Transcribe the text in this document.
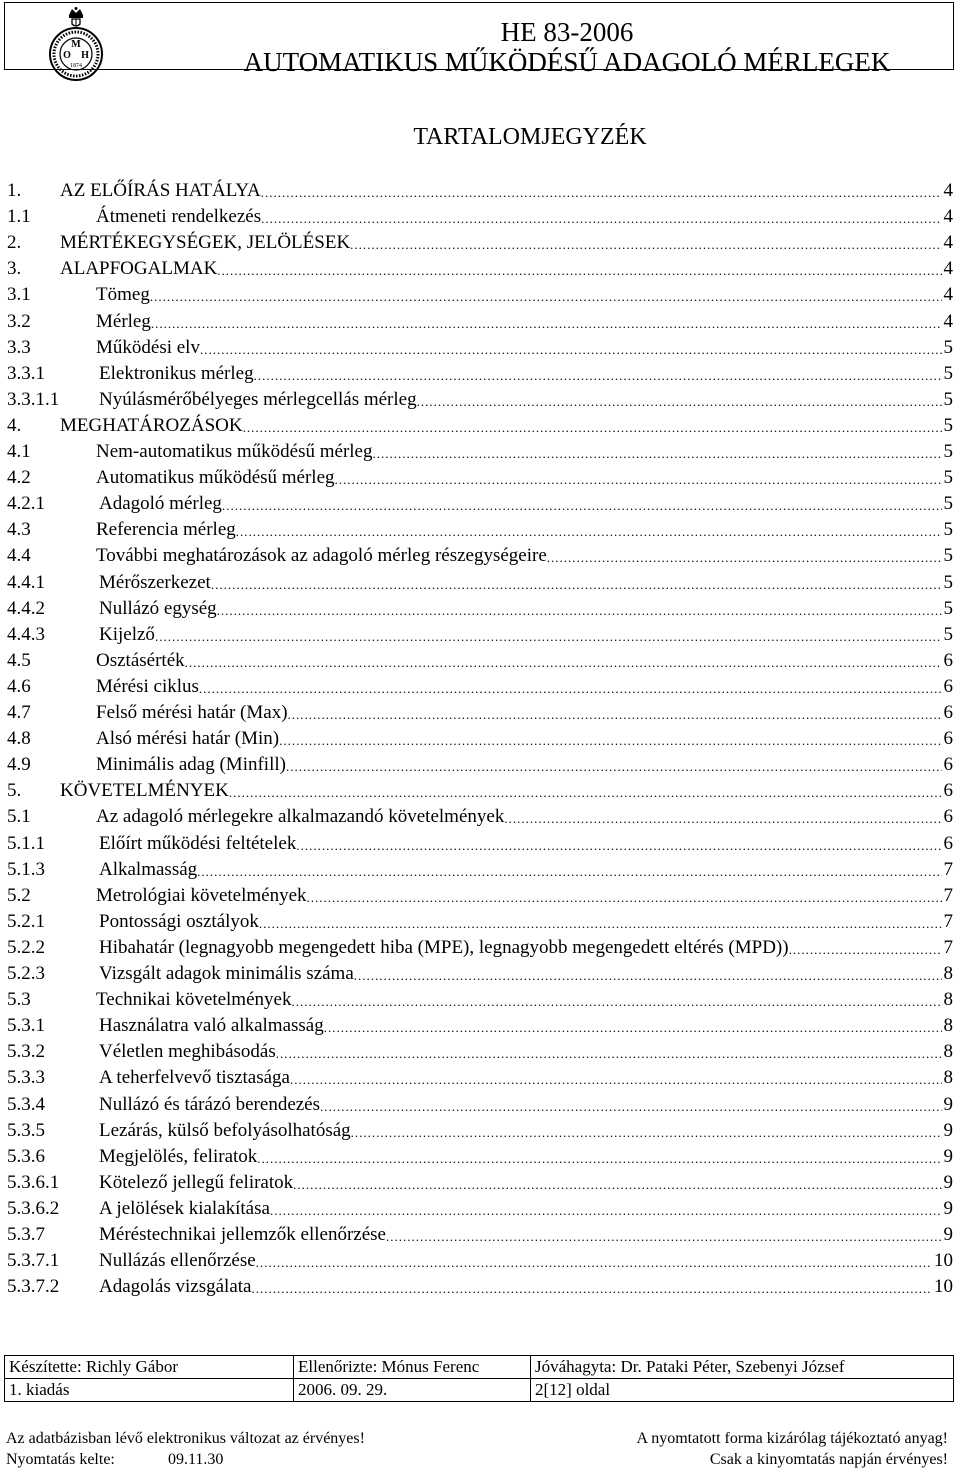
M
O H
1874
HE 83-2006
AUTOMATIKUS MŰKÖDÉSŰ ADAGOLÓ MÉRLEGEK
TARTALOMJEGYZÉK
1. AZ ELŐÍRÁS HATÁLYA .....	4
1.1	Átmeneti rendelkezés .....	4
2. MÉRTÉKEGYSÉGEK, JELÖLÉSEK .....	4
3. ALAPFOGALMAK .....	4
3.1	Tömeg .....	4
3.2	Mérleg .....	4
3.3	Működési elv .....	5
3.3.1	Elektronikus mérleg .....	5
3.3.1.1 Nyúlásmérőbélyeges mérlegcellás mérleg .....	5
4. MEGHATÁROZÁSOK .....	5
4.1	Nem-automatikus működésű mérleg .....	5
4.2	Automatikus működésű mérleg .....	5
4.2.1	Adagoló mérleg .....	5
4.3	Referencia mérleg .....	5
4.4	További meghatározások az adagoló mérleg részegységeire .....	5
4.4.1	Mérőszerkezet .....	5
4.4.2	Nullázó egység .....	5
4.4.3	Kijelző .....	5
4.5	Osztásérték .....	6
4.6	Mérési ciklus .....	6
4.7	Felső mérési határ (Max) .....	6
4.8	Alsó mérési határ (Min) .....	6
4.9	Minimális adag (Minfill) .....	6
5. KÖVETELMÉNYEK .....	6
5.1	Az adagoló mérlegekre alkalmazandó követelmények .....	6
5.1.1	Előírt működési feltételek .....	6
5.1.3	Alkalmasság .....	7
5.2	Metrológiai követelmények .....	7
5.2.1	Pontossági osztályok .....	7
5.2.2	Hibahatár (legnagyobb megengedett hiba (MPE), legnagyobb megengedett eltérés (MPD)) .....	7
5.2.3	Vizsgált adagok minimális száma .....	8
5.3	Technikai követelmények .....	8
5.3.1	Használatra való alkalmasság .....	8
5.3.2	Véletlen meghibásodás .....	8
5.3.3	A teherfelvevő tisztasága .....	8
5.3.4	Nullázó és tárázó berendezés .....	9
5.3.5	Lezárás, külső befolyásolhatóság .....	9
5.3.6	Megjelölés, feliratok .....	9
5.3.6.1 Kötelező jellegű feliratok .....	9
5.3.6.2 A jelölések kialakítása .....	9
5.3.7	Méréstechnikai jellemzők ellenőrzése .....	9
5.3.7.1 Nullázás ellenőrzése .....	10
5.3.7.2 Adagolás vizsgálata .....	10
Készítette: Richly Gábor	Ellenőrizte: Mónus Ferenc	Jóváhagyta: Dr. Pataki Péter, Szebenyi József
1. kiadás	2006. 09. 29.	2[12] oldal
Az adatbázisban lévő elektronikus változat az érvényes!	A nyomtatott forma kizárólag tájékoztató anyag!
Nyomtatás kelte:	09.11.30	Csak a kinyomtatás napján érvényes!
